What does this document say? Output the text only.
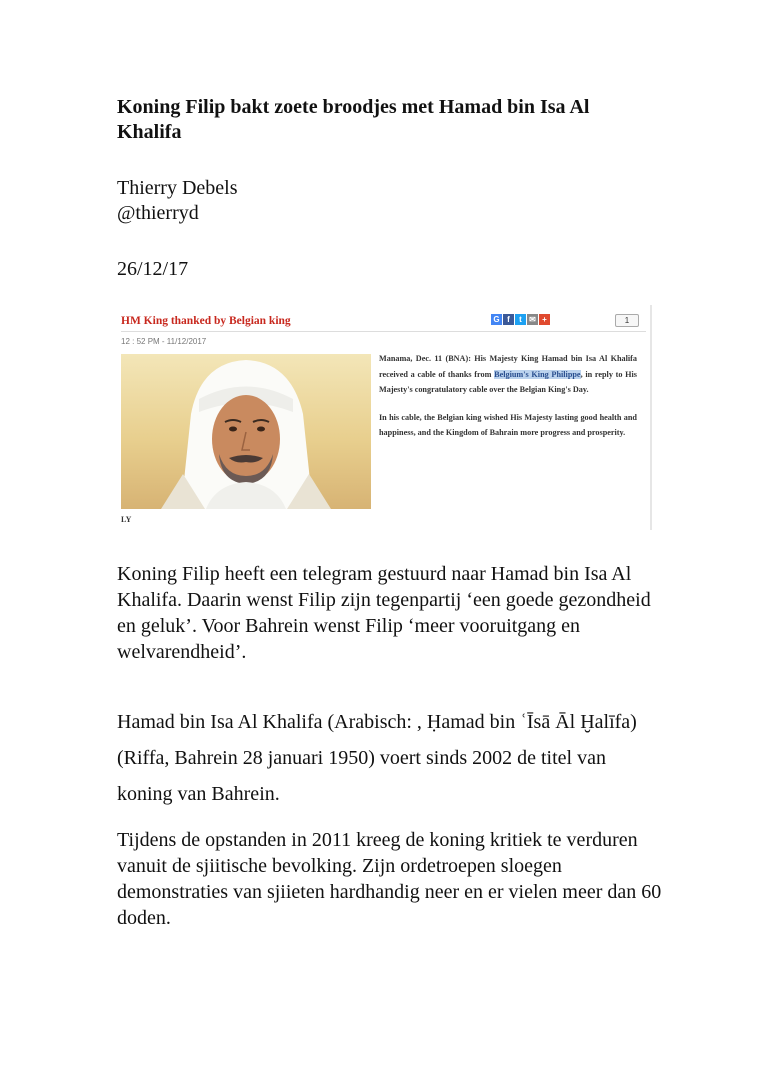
Koning Filip bakt zoete broodjes met Hamad bin Isa Al Khalifa
Thierry Debels
@thierryd
26/12/17
HM King thanked by Belgian king
12 : 52 PM - 11/12/2017
G f	t ✉ +	1
LY

Manama, Dec. 11 (BNA): His Majesty King Hamad bin Isa Al Khalifa received a cable of thanks from Belgium's King Philippe, in reply to His Majesty's congratulatory cable over the Belgian King's Day.

In his cable, the Belgian king wished His Majesty lasting good health and happiness, and the Kingdom of Bahrain more progress and prosperity.

Koning Filip heeft een telegram gestuurd naar Hamad bin Isa Al Khalifa. Daarin wenst Filip zijn tegenpartij ‘een goede gezondheid en geluk’. Voor Bahrein wenst Filip ‘meer vooruitgang en welvarendheid’.

Hamad bin Isa Al Khalifa (Arabisch: , Ḥamad bin ʿĪsā Āl Ḫalīfa) (Riffa, Bahrein 28 januari 1950) voert sinds 2002 de titel van koning van Bahrein.

Tijdens de opstanden in 2011 kreeg de koning kritiek te verduren vanuit de sjiitische bevolking. Zijn ordetroepen sloegen demonstraties van sjiieten hardhandig neer en er vielen meer dan 60 doden.
